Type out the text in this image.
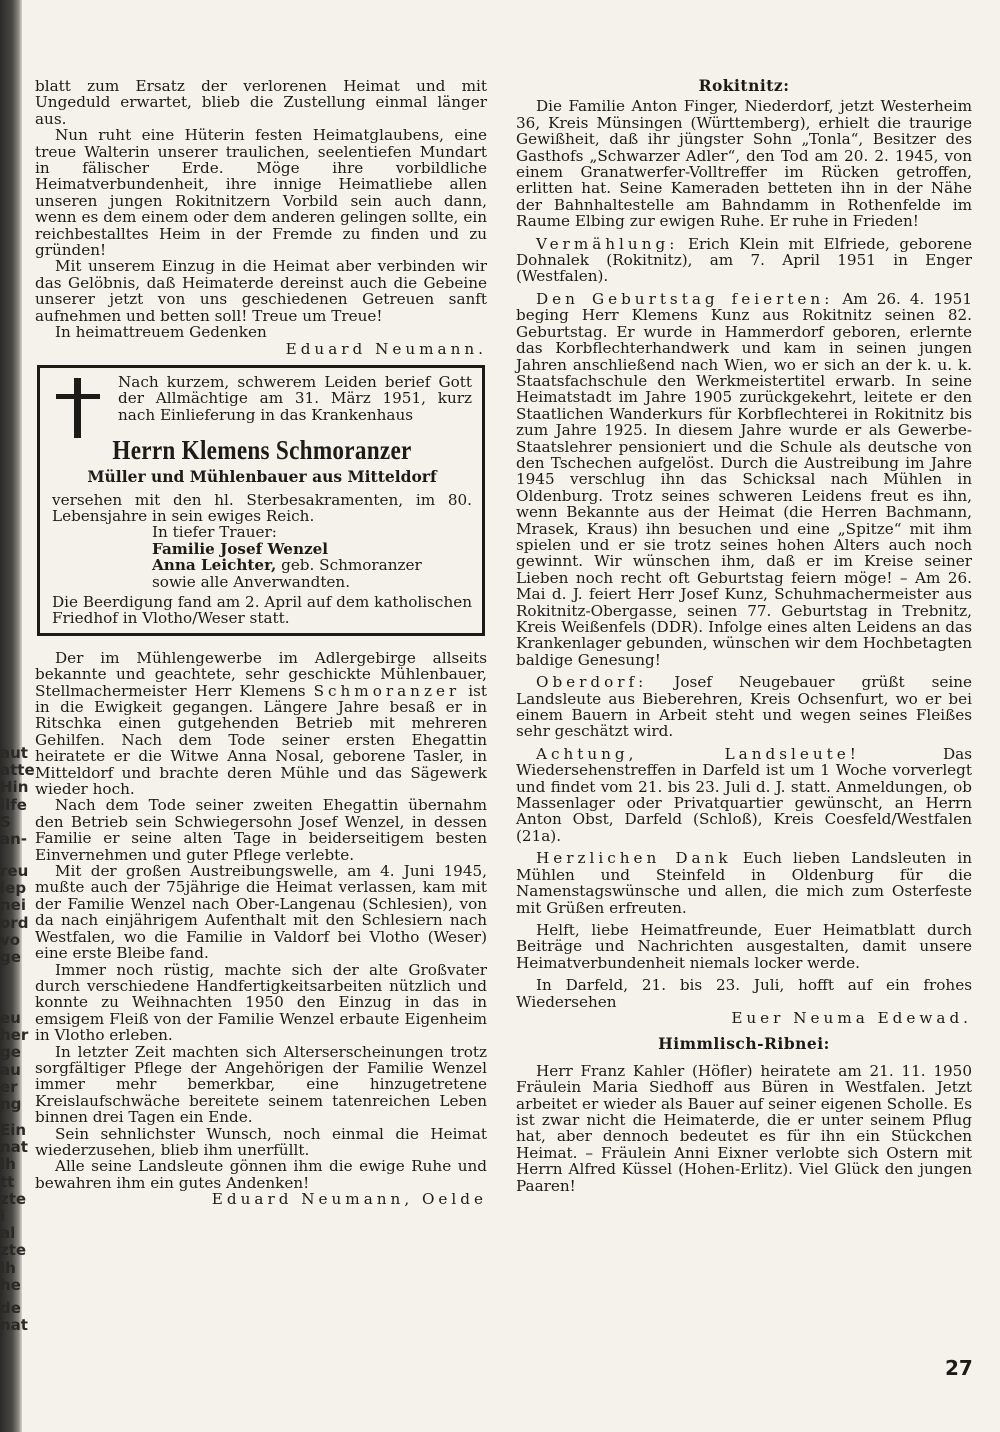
aut
atte
Hin
ilfe
S
an-
reu
lep
nei
ord
vo
ge
eu
her
ge
au
er
ng
Ein
nat
ih
tt
zte
i
al
zte
ih
he
de
nat

blatt zum Ersatz der verlorenen Heimat und mit Ungeduld erwartet, blieb die Zustellung einmal länger aus.

Nun ruht eine Hüterin festen Heimatglaubens, eine treue Walterin unserer traulichen, seelentiefen Mundart in fälischer Erde. Möge ihre vorbildliche Heimatverbundenheit, ihre innige Heimatliebe allen unseren jungen Rokitnitzern Vorbild sein auch dann, wenn es dem einem oder dem anderen gelingen sollte, ein reichbestalltes Heim in der Fremde zu finden und zu gründen!

Mit unserem Einzug in die Heimat aber verbinden wir das Gelöbnis, daß Heimaterde dereinst auch die Gebeine unserer jetzt von uns geschiedenen Getreuen sanft aufnehmen und betten soll! Treue um Treue!

In heimattreuem Gedenken

Eduard Neumann.

Nach kurzem, schwerem Leiden berief Gott der Allmächtige am 31. März 1951, kurz nach Einlieferung in das Krankenhaus
Herrn Klemens Schmoranzer
Müller und Mühlenbauer aus Mitteldorf
versehen mit den hl. Sterbesakramenten, im 80. Lebensjahre in sein ewiges Reich.
In tiefer Trauer:
Familie Josef Wenzel
Anna Leichter, geb. Schmoranzer
sowie alle Anverwandten.
Die Beerdigung fand am 2. April auf dem katholischen Friedhof in Vlotho/Weser statt.

Der im Mühlengewerbe im Adlergebirge allseits bekannte und geachtete, sehr geschickte Mühlenbauer, Stellmachermeister Herr Klemens Schmoranzer ist in die Ewigkeit gegangen. Längere Jahre besaß er in Ritschka einen gutgehenden Betrieb mit mehreren Gehilfen. Nach dem Tode seiner ersten Ehegattin heiratete er die Witwe Anna Nosal, geborene Tasler, in Mitteldorf und brachte deren Mühle und das Sägewerk wieder hoch.

Nach dem Tode seiner zweiten Ehegattin übernahm den Betrieb sein Schwiegersohn Josef Wenzel, in dessen Familie er seine alten Tage in beiderseitigem besten Einvernehmen und guter Pflege verlebte.

Mit der großen Austreibungswelle, am 4. Juni 1945, mußte auch der 75jährige die Heimat verlassen, kam mit der Familie Wenzel nach Ober-Langenau (Schlesien), von da nach einjährigem Aufenthalt mit den Schlesiern nach Westfalen, wo die Familie in Valdorf bei Vlotho (Weser) eine erste Bleibe fand.

Immer noch rüstig, machte sich der alte Großvater durch verschiedene Handfertigkeitsarbeiten nützlich und konnte zu Weihnachten 1950 den Einzug in das in emsigem Fleiß von der Familie Wenzel erbaute Eigenheim in Vlotho erleben.

In letzter Zeit machten sich Alterserscheinungen trotz sorgfältiger Pflege der Angehörigen der Familie Wenzel immer mehr bemerkbar, eine hinzugetretene Kreislaufschwäche bereitete seinem tatenreichen Leben binnen drei Tagen ein Ende.

Sein sehnlichster Wunsch, noch einmal die Heimat wiederzusehen, blieb ihm unerfüllt.

Alle seine Landsleute gönnen ihm die ewige Ruhe und bewahren ihm ein gutes Andenken!

Eduard Neumann, Oelde

Rokitnitz:

Die Familie Anton Finger, Niederdorf, jetzt Westerheim 36, Kreis Münsingen (Württemberg), erhielt die traurige Gewißheit, daß ihr jüngster Sohn „Tonla“, Besitzer des Gasthofs „Schwarzer Adler“, den Tod am 20. 2. 1945, von einem Granatwerfer-Volltreffer im Rücken getroffen, erlitten hat. Seine Kameraden betteten ihn in der Nähe der Bahnhaltestelle am Bahndamm in Rothenfelde im Raume Elbing zur ewigen Ruhe. Er ruhe in Frieden!

Vermählung: Erich Klein mit Elfriede, geborene Dohnalek (Rokitnitz), am 7. April 1951 in Enger (Westfalen).

Den Geburtstag feierten: Am 26. 4. 1951 beging Herr Klemens Kunz aus Rokitnitz seinen 82. Geburtstag. Er wurde in Hammerdorf geboren, erlernte das Korbflechterhandwerk und kam in seinen jungen Jahren anschließend nach Wien, wo er sich an der k. u. k. Staatsfachschule den Werkmeistertitel erwarb. In seine Heimatstadt im Jahre 1905 zurückgekehrt, leitete er den Staatlichen Wanderkurs für Korbflechterei in Rokitnitz bis zum Jahre 1925. In diesem Jahre wurde er als Gewerbe-Staatslehrer pensioniert und die Schule als deutsche von den Tschechen aufgelöst. Durch die Austreibung im Jahre 1945 verschlug ihn das Schicksal nach Mühlen in Oldenburg. Trotz seines schweren Leidens freut es ihn, wenn Bekannte aus der Heimat (die Herren Bachmann, Mrasek, Kraus) ihn besuchen und eine „Spitze“ mit ihm spielen und er sie trotz seines hohen Alters auch noch gewinnt. Wir wünschen ihm, daß er im Kreise seiner Lieben noch recht oft Geburtstag feiern möge! – Am 26. Mai d. J. feiert Herr Josef Kunz, Schuhmachermeister aus Rokitnitz-Obergasse, seinen 77. Geburtstag in Trebnitz, Kreis Weißenfels (DDR). Infolge eines alten Leidens an das Krankenlager gebunden, wünschen wir dem Hochbetagten baldige Genesung!

Oberdorf: Josef Neugebauer grüßt seine Landsleute aus Bieberehren, Kreis Ochsenfurt, wo er bei einem Bauern in Arbeit steht und wegen seines Fleißes sehr geschätzt wird.

Achtung, Landsleute! Das Wiedersehenstreffen in Darfeld ist um 1 Woche vorverlegt und findet vom 21. bis 23. Juli d. J. statt. Anmeldungen, ob Massenlager oder Privatquartier gewünscht, an Herrn Anton Obst, Darfeld (Schloß), Kreis Coesfeld/Westfalen (21a).

Herzlichen Dank Euch lieben Landsleuten in Mühlen und Steinfeld in Oldenburg für die Namenstagswünsche und allen, die mich zum Osterfeste mit Grüßen erfreuten.

Helft, liebe Heimatfreunde, Euer Heimatblatt durch Beiträge und Nachrichten ausgestalten, damit unsere Heimatverbundenheit niemals locker werde.

In Darfeld, 21. bis 23. Juli, hofft auf ein frohes Wiedersehen

Euer Neuma Edewad.

Himmlisch-Ribnei:

Herr Franz Kahler (Höfler) heiratete am 21. 11. 1950 Fräulein Maria Siedhoff aus Büren in Westfalen. Jetzt arbeitet er wieder als Bauer auf seiner eigenen Scholle. Es ist zwar nicht die Heimaterde, die er unter seinem Pflug hat, aber dennoch bedeutet es für ihn ein Stückchen Heimat. – Fräulein Anni Eixner verlobte sich Ostern mit Herrn Alfred Küssel (Hohen-Erlitz). Viel Glück den jungen Paaren!

27
